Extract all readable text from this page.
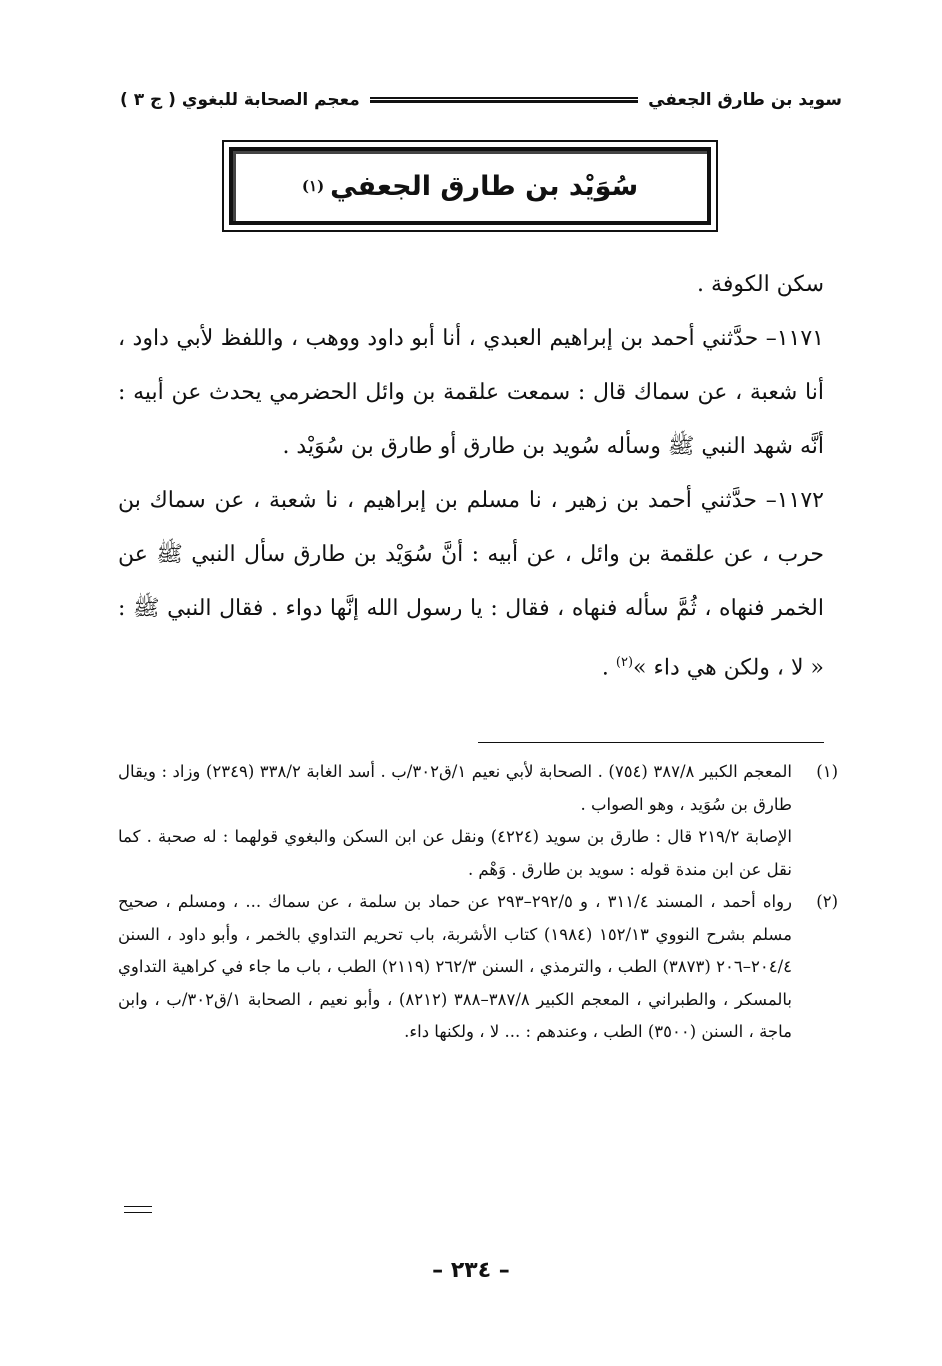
سويد بن طارق الجعفي
معجم الصحابة للبغوي ( ج ٣ )
سُوَيْد بن طارق الجعفي
(١)

سكن الكوفة .

١١٧١– حدَّثني أحمد بن إبراهيم العبدي ، أنا أبو داود ووهب ، واللفظ لأبي داود ، أنا شعبة ، عن سماك قال : سمعت علقمة بن وائل الحضرمي يحدث عن أبيه : أنَّه شهد النبي ﷺ وسأله سُويد بن طارق أو طارق بن سُوَيْد .

١١٧٢– حدَّثني أحمد بن زهير ، نا مسلم بن إبراهيم ، نا شعبة ، عن سماك بن حرب ، عن علقمة بن وائل ، عن أبيه : أنَّ سُوَيْد بن طارق سأل النبي ﷺ عن الخمر فنهاه ، ثُمَّ سأله فنهاه ، فقال : يا رسول الله إنَّها دواء . فقال النبي ﷺ : « لا ، ولكن هي داء »$^{(٢)}$ .

(١)
المعجم الكبير ٣٨٧/٨ (٧٥٤) . الصحابة لأبي نعيم ١/ق٣٠٢/ب . أسد الغابة ٣٣٨/٢ (٢٣٤٩) وزاد : ويقال طارق بن سُوَيد ، وهو الصواب .
الإصابة ٢١٩/٢ قال : طارق بن سويد (٤٢٢٤) ونقل عن ابن السكن والبغوي قولهما : له صحبة . كما نقل عن ابن مندة قوله : سويد بن طارق . وَهْم .
(٢)
رواه أحمد ، المسند ٣١١/٤ ، و ٢٩٢/٥–٢٩٣ عن حماد بن سلمة ، عن سماك ... ، ومسلم ، صحيح مسلم بشرح النووي ١٥٢/١٣ (١٩٨٤) كتاب الأشربة، باب تحريم التداوي بالخمر ، وأبو داود ، السنن ٢٠٤/٤–٢٠٦ (٣٨٧٣) الطب ، والترمذي ، السنن ٢٦٢/٣ (٢١١٩) الطب ، باب ما جاء في كراهية التداوي بالمسكر ، والطبراني ، المعجم الكبير ٣٨٧/٨–٣٨٨ (٨٢١٢) ، وأبو نعيم ، الصحابة ١/ق٣٠٢/ب ، وابن ماجة ، السنن (٣٥٠٠) الطب ، وعندهم : ... لا ، ولكنها داء.
– ٢٣٤ –
